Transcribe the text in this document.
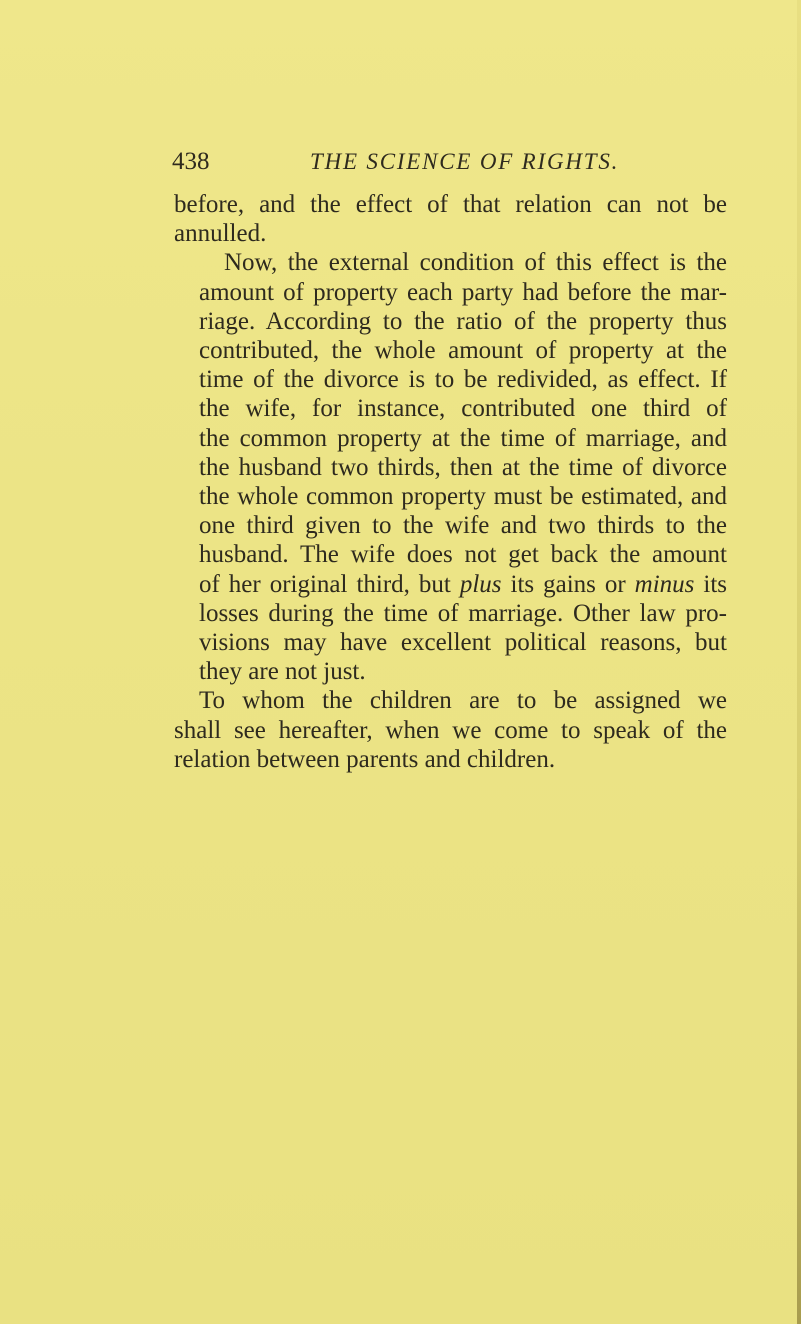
438	THE SCIENCE OF RIGHTS.
before, and the effect of that relation can not be
annulled.
Now, the external condition of this effect is the
amount of property each party had before the mar-
riage. According to the ratio of the property thus
contributed, the whole amount of property at the
time of the divorce is to be redivided, as effect. If
the wife, for instance, contributed one third of
the common property at the time of marriage, and
the husband two thirds, then at the time of divorce
the whole common property must be estimated, and
one third given to the wife and two thirds to the
husband. The wife does not get back the amount
of her original third, but plus its gains or minus its
losses during the time of marriage. Other law pro-
visions may have excellent political reasons, but
they are not just.
To whom the children are to be assigned we
shall see hereafter, when we come to speak of the
relation between parents and children.
